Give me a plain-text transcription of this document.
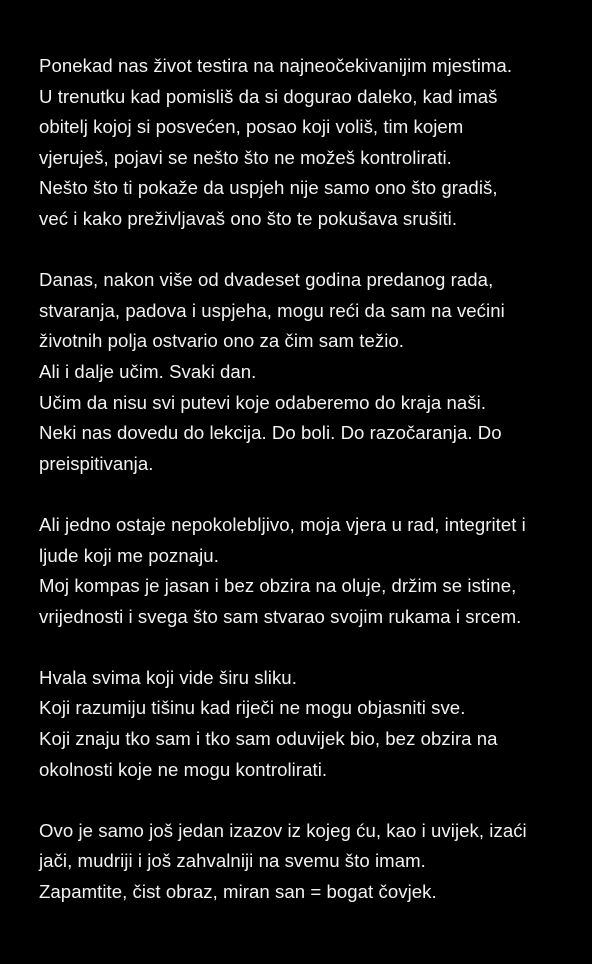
Ponekad nas život testira na najneočekivanijim mjestima.
U trenutku kad pomisliš da si dogurao daleko, kad imaš
obitelj kojoj si posvećen, posao koji voliš, tim kojem
vjeruješ, pojavi se nešto što ne možeš kontrolirati.
Nešto što ti pokaže da uspjeh nije samo ono što gradiš,
već i kako preživljavaš ono što te pokušava srušiti.

Danas, nakon više od dvadeset godina predanog rada,
stvaranja, padova i uspjeha, mogu reći da sam na većini
životnih polja ostvario ono za čim sam težio.
Ali i dalje učim. Svaki dan.
Učim da nisu svi putevi koje odaberemo do kraja naši.
Neki nas dovedu do lekcija. Do boli. Do razočaranja. Do
preispitivanja.

Ali jedno ostaje nepokolebljivo, moja vjera u rad, integritet i
ljude koji me poznaju.
Moj kompas je jasan i bez obzira na oluje, držim se istine,
vrijednosti i svega što sam stvarao svojim rukama i srcem.

Hvala svima koji vide širu sliku.
Koji razumiju tišinu kad riječi ne mogu objasniti sve.
Koji znaju tko sam i tko sam oduvijek bio, bez obzira na
okolnosti koje ne mogu kontrolirati.

Ovo je samo još jedan izazov iz kojeg ću, kao i uvijek, izaći
jači, mudriji i još zahvalniji na svemu što imam.
Zapamtite, čist obraz, miran san = bogat čovjek.
